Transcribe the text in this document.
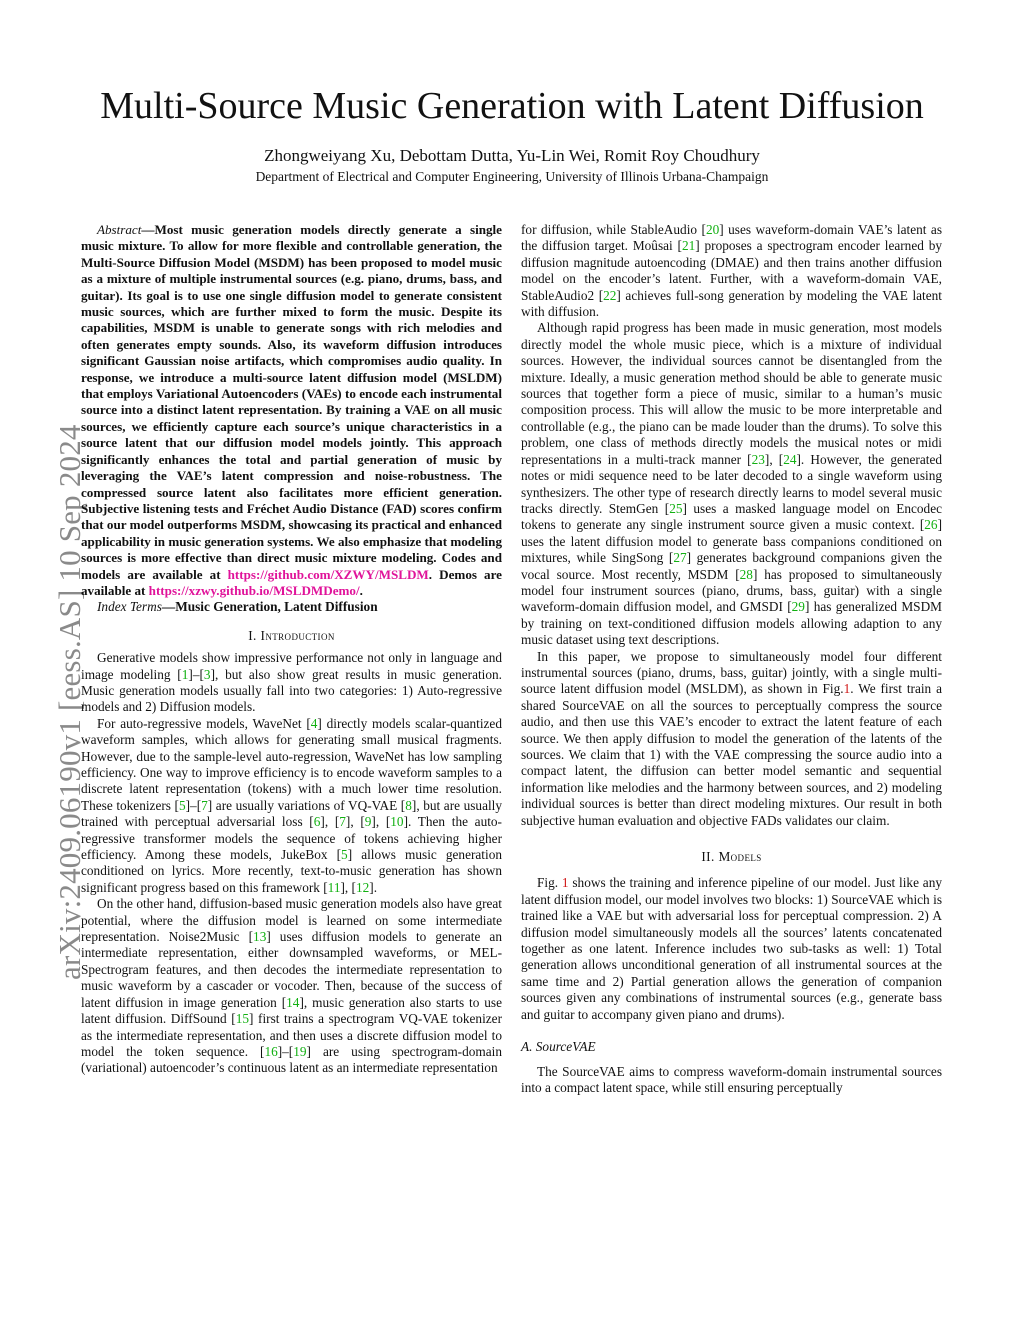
arXiv:2409.06190v1 [eess.AS] 10 Sep 2024
Multi-Source Music Generation with Latent Diffusion
Zhongweiyang Xu, Debottam Dutta, Yu-Lin Wei, Romit Roy Choudhury
Department of Electrical and Computer Engineering, University of Illinois Urbana-Champaign

Abstract—Most music generation models directly generate a single music mixture. To allow for more flexible and controllable generation, the Multi-Source Diffusion Model (MSDM) has been proposed to model music as a mixture of multiple instrumental sources (e.g. piano, drums, bass, and guitar). Its goal is to use one single diffusion model to generate consistent music sources, which are further mixed to form the music. Despite its capabilities, MSDM is unable to generate songs with rich melodies and often generates empty sounds. Also, its waveform diffusion introduces significant Gaussian noise artifacts, which compromises audio quality. In response, we introduce a multi-source latent diffusion model (MSLDM) that employs Variational Autoencoders (VAEs) to encode each instrumental source into a distinct latent representation. By training a VAE on all music sources, we efficiently capture each source’s unique characteristics in a source latent that our diffusion model models jointly. This approach significantly enhances the total and partial generation of music by leveraging the VAE’s latent compression and noise-robustness. The compressed source latent also facilitates more efficient generation. Subjective listening tests and Fréchet Audio Distance (FAD) scores confirm that our model outperforms MSDM, showcasing its practical and enhanced applicability in music generation systems. We also emphasize that modeling sources is more effective than direct music mixture modeling. Codes and models are available at https://github.com/XZWY/MSLDM. Demos are available at https://xzwy.github.io/MSLDMDemo/.

Index Terms—Music Generation, Latent Diffusion

I. Introduction

Generative models show impressive performance not only in language and image modeling [1]–[3], but also show great results in music generation. Music generation models usually fall into two categories: 1) Auto-regressive models and 2) Diffusion models.

For auto-regressive models, WaveNet [4] directly models scalar-quantized waveform samples, which allows for generating small musical fragments. However, due to the sample-level auto-regression, WaveNet has low sampling efficiency. One way to improve efficiency is to encode waveform samples to a discrete latent representation (tokens) with a much lower time resolution. These tokenizers [5]–[7] are usually variations of VQ-VAE [8], but are usually trained with perceptual adversarial loss [6], [7], [9], [10]. Then the auto-regressive transformer models the sequence of tokens achieving higher efficiency. Among these models, JukeBox [5] allows music generation conditioned on lyrics. More recently, text-to-music generation has shown significant progress based on this framework [11], [12].

On the other hand, diffusion-based music generation models also have great potential, where the diffusion model is learned on some intermediate representation. Noise2Music [13] uses diffusion models to generate an intermediate representation, either downsampled waveforms, or MEL-Spectrogram features, and then decodes the intermediate representation to music waveform by a cascader or vocoder. Then, because of the success of latent diffusion in image generation [14], music generation also starts to use latent diffusion. DiffSound [15] first trains a spectrogram VQ-VAE tokenizer as the intermediate representation, and then uses a discrete diffusion model to model the token sequence. [16]–[19] are using spectrogram-domain (variational) autoencoder’s continuous latent as an intermediate representation

for diffusion, while StableAudio [20] uses waveform-domain VAE’s latent as the diffusion target. Moûsai [21] proposes a spectrogram encoder learned by diffusion magnitude autoencoding (DMAE) and then trains another diffusion model on the encoder’s latent. Further, with a waveform-domain VAE, StableAudio2 [22] achieves full-song generation by modeling the VAE latent with diffusion.

Although rapid progress has been made in music generation, most models directly model the whole music piece, which is a mixture of individual sources. However, the individual sources cannot be disentangled from the mixture. Ideally, a music generation method should be able to generate music sources that together form a piece of music, similar to a human’s music composition process. This will allow the music to be more interpretable and controllable (e.g., the piano can be made louder than the drums). To solve this problem, one class of methods directly models the musical notes or midi representations in a multi-track manner [23], [24]. However, the generated notes or midi sequence need to be later decoded to a single waveform using synthesizers. The other type of research directly learns to model several music tracks directly. StemGen [25] uses a masked language model on Encodec tokens to generate any single instrument source given a music context. [26] uses the latent diffusion model to generate bass companions conditioned on mixtures, while SingSong [27] generates background companions given the vocal source. Most recently, MSDM [28] has proposed to simultaneously model four instrument sources (piano, drums, bass, guitar) with a single waveform-domain diffusion model, and GMSDI [29] has generalized MSDM by training on text-conditioned diffusion models allowing adaption to any music dataset using text descriptions.

In this paper, we propose to simultaneously model four different instrumental sources (piano, drums, bass, guitar) jointly, with a single multi-source latent diffusion model (MSLDM), as shown in Fig.1. We first train a shared SourceVAE on all the sources to perceptually compress the source audio, and then use this VAE’s encoder to extract the latent feature of each source. We then apply diffusion to model the generation of the latents of the sources. We claim that 1) with the VAE compressing the source audio into a compact latent, the diffusion can better model semantic and sequential information like melodies and the harmony between sources, and 2) modeling individual sources is better than direct modeling mixtures. Our result in both subjective human evaluation and objective FADs validates our claim.

II. Models

Fig. 1 shows the training and inference pipeline of our model. Just like any latent diffusion model, our model involves two blocks: 1) SourceVAE which is trained like a VAE but with adversarial loss for perceptual compression. 2) A diffusion model simultaneously models all the sources’ latents concatenated together as one latent. Inference includes two sub-tasks as well: 1) Total generation allows unconditional generation of all instrumental sources at the same time and 2) Partial generation allows the generation of companion sources given any combinations of instrumental sources (e.g., generate bass and guitar to accompany given piano and drums).

A. SourceVAE

The SourceVAE aims to compress waveform-domain instrumental sources into a compact latent space, while still ensuring perceptually
